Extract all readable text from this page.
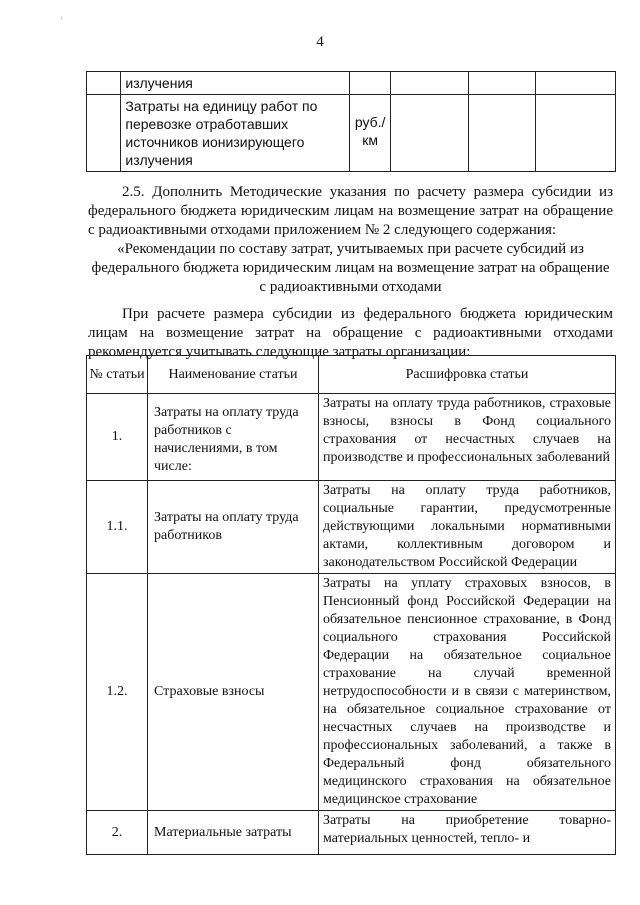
·
4
	излучения				
	Затраты на единицу работ по перевозке отработавших источников ионизирующего излучения	руб./ км			
2.5. Дополнить Методические указания по расчету размера субсидии из федерального бюджета юридическим лицам на возмещение затрат на обращение с радиоактивными отходами приложением № 2 следующего содержания:
«Рекомендации по составу затрат, учитываемых при расчете субсидий из федерального бюджета юридическим лицам на возмещение затрат на обращение с радиоактивными отходами
При расчете размера субсидии из федерального бюджета юридическим лицам на возмещение затрат на обращение с радиоактивными отходами рекомендуется учитывать следующие затраты организации:
№ статьи	Наименование статьи	Расшифровка статьи
1.	Затраты на оплату труда работников с начислениями, в том числе:	Затраты на оплату труда работников, страховые взносы, взносы в Фонд социального страхования от несчастных случаев на производстве и профессиональных заболеваний
1.1.	Затраты на оплату труда работников	Затраты на оплату труда работников, социальные гарантии, предусмотренные действующими локальными нормативными актами, коллективным договором и законодательством Российской Федерации
1.2.	Страховые взносы	Затраты на уплату страховых взносов, в Пенсионный фонд Российской Федерации на обязательное пенсионное страхование, в Фонд социального страхования Российской Федерации на обязательное социальное страхование на случай временной нетрудоспособности и в связи с материнством, на обязательное социальное страхование от несчастных случаев на производстве и профессиональных заболеваний, а также в Федеральный фонд обязательного медицинского страхования на обязательное медицинское страхование
2.	Материальные затраты	Затраты на приобретение товарно-материальных ценностей, тепло- и
